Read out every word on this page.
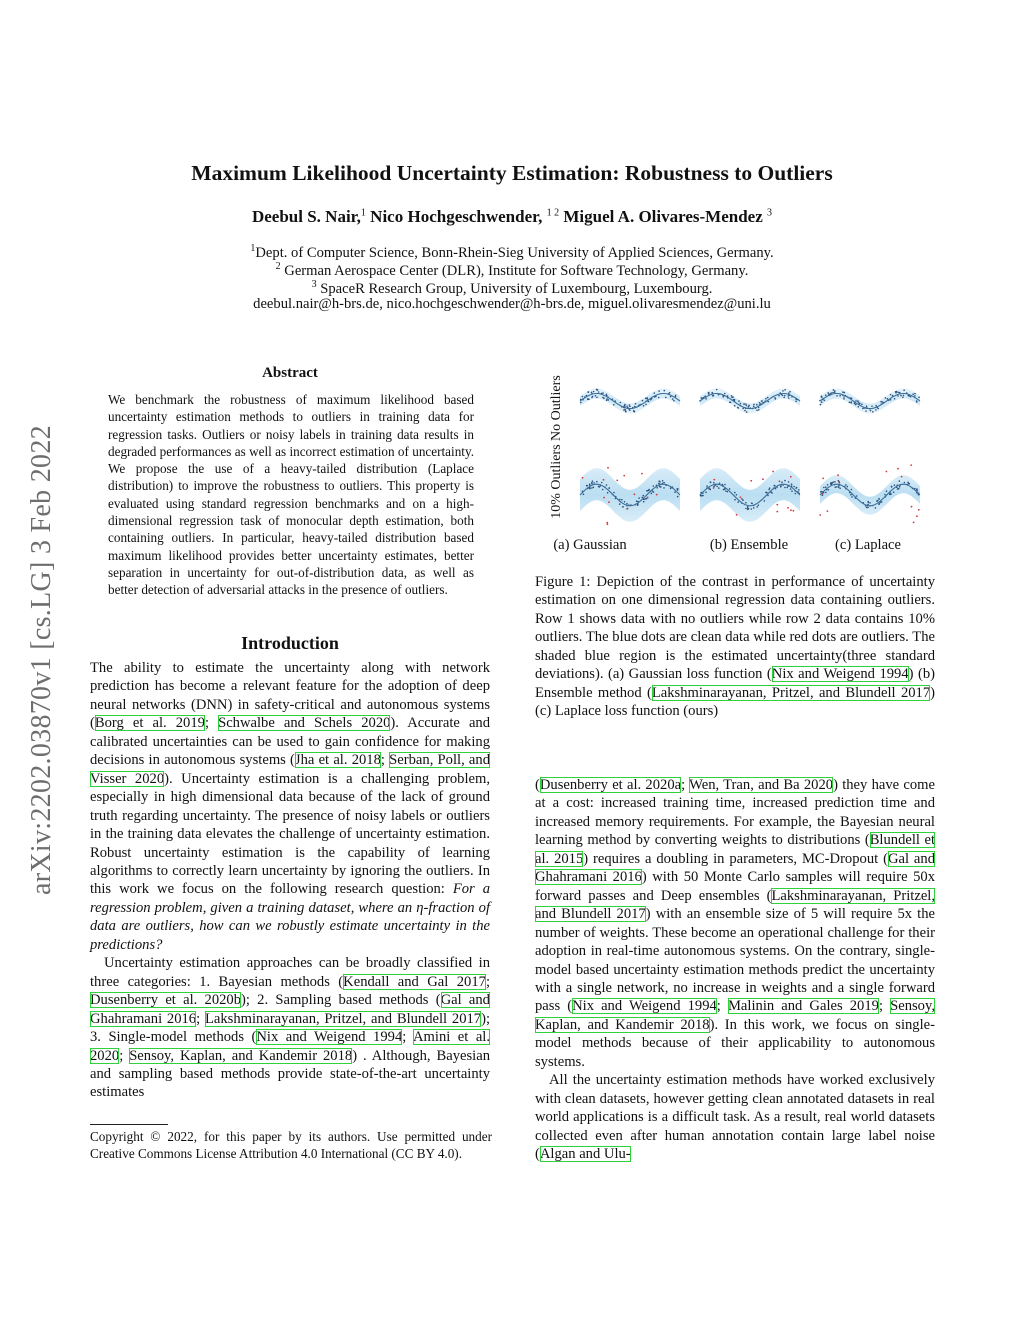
arXiv:2202.03870v1 [cs.LG] 3 Feb 2022
Maximum Likelihood Uncertainty Estimation: Robustness to Outliers
Deebul S. Nair,$^1$ Nico Hochgeschwender, $^{1 2}$ Miguel A. Olivares-Mendez $^3$
$^1$Dept. of Computer Science, Bonn-Rhein-Sieg University of Applied Sciences, Germany.
$^2$ German Aerospace Center (DLR), Institute for Software Technology, Germany.
$^3$ SpaceR Research Group, University of Luxembourg, Luxembourg.
deebul.nair@h-brs.de, nico.hochgeschwender@h-brs.de, miguel.olivaresmendez@uni.lu
Abstract
We benchmark the robustness of maximum likelihood based uncertainty estimation methods to outliers in training data for regression tasks. Outliers or noisy labels in training data results in degraded performances as well as incorrect estimation of uncertainty. We propose the use of a heavy-tailed distribution (Laplace distribution) to improve the robustness to outliers. This property is evaluated using standard regression benchmarks and on a high-dimensional regression task of monocular depth estimation, both containing outliers. In particular, heavy-tailed distribution based maximum likelihood provides better uncertainty estimates, better separation in uncertainty for out-of-distribution data, as well as better detection of adversarial attacks in the presence of outliers.
Introduction

The ability to estimate the uncertainty along with network prediction has become a relevant feature for the adoption of deep neural networks (DNN) in safety-critical and autonomous systems (Borg et al. 2019; Schwalbe and Schels 2020). Accurate and calibrated uncertainties can be used to gain confidence for making decisions in autonomous systems (Jha et al. 2018; Serban, Poll, and Visser 2020). Uncertainty estimation is a challenging problem, especially in high dimensional data because of the lack of ground truth regarding uncertainty. The presence of noisy labels or outliers in the training data elevates the challenge of uncertainty estimation. Robust uncertainty estimation is the capability of learning algorithms to correctly learn uncertainty by ignoring the outliers. In this work we focus on the following research question: For a regression problem, given a training dataset, where an η-fraction of data are outliers, how can we robustly estimate uncertainty in the predictions?

Uncertainty estimation approaches can be broadly classified in three categories: 1. Bayesian methods (Kendall and Gal 2017; Dusenberry et al. 2020b); 2. Sampling based methods (Gal and Ghahramani 2016; Lakshminarayanan, Pritzel, and Blundell 2017); 3. Single-model methods (Nix and Weigend 1994; Amini et al. 2020; Sensoy, Kaplan, and Kandemir 2018) . Although, Bayesian and sampling based methods provide state-of-the-art uncertainty estimates

Copyright © 2022, for this paper by its authors. Use permitted under Creative Commons License Attribution 4.0 International (CC BY 4.0).
10% Outliers No Outliers
(a) Gaussian	(b) Ensemble	(c) Laplace
Figure 1: Depiction of the contrast in performance of uncertainty estimation on one dimensional regression data containing outliers. Row 1 shows data with no outliers while row 2 data contains 10% outliers. The blue dots are clean data while red dots are outliers. The shaded blue region is the estimated uncertainty(three standard deviations). (a) Gaussian loss function (Nix and Weigend 1994) (b) Ensemble method (Lakshminarayanan, Pritzel, and Blundell 2017) (c) Laplace loss function (ours)

(Dusenberry et al. 2020a; Wen, Tran, and Ba 2020) they have come at a cost: increased training time, increased prediction time and increased memory requirements. For example, the Bayesian neural learning method by converting weights to distributions (Blundell et al. 2015) requires a doubling in parameters, MC-Dropout (Gal and Ghahramani 2016) with 50 Monte Carlo samples will require 50x forward passes and Deep ensembles (Lakshminarayanan, Pritzel, and Blundell 2017) with an ensemble size of 5 will require 5x the number of weights. These become an operational challenge for their adoption in real-time autonomous systems. On the contrary, single-model based uncertainty estimation methods predict the uncertainty with a single network, no increase in weights and a single forward pass (Nix and Weigend 1994; Malinin and Gales 2019; Sensoy, Kaplan, and Kandemir 2018). In this work, we focus on single-model methods because of their applicability to autonomous systems.

All the uncertainty estimation methods have worked exclusively with clean datasets, however getting clean annotated datasets in real world applications is a difficult task. As a result, real world datasets collected even after human annotation contain large label noise (Algan and Ulu-
